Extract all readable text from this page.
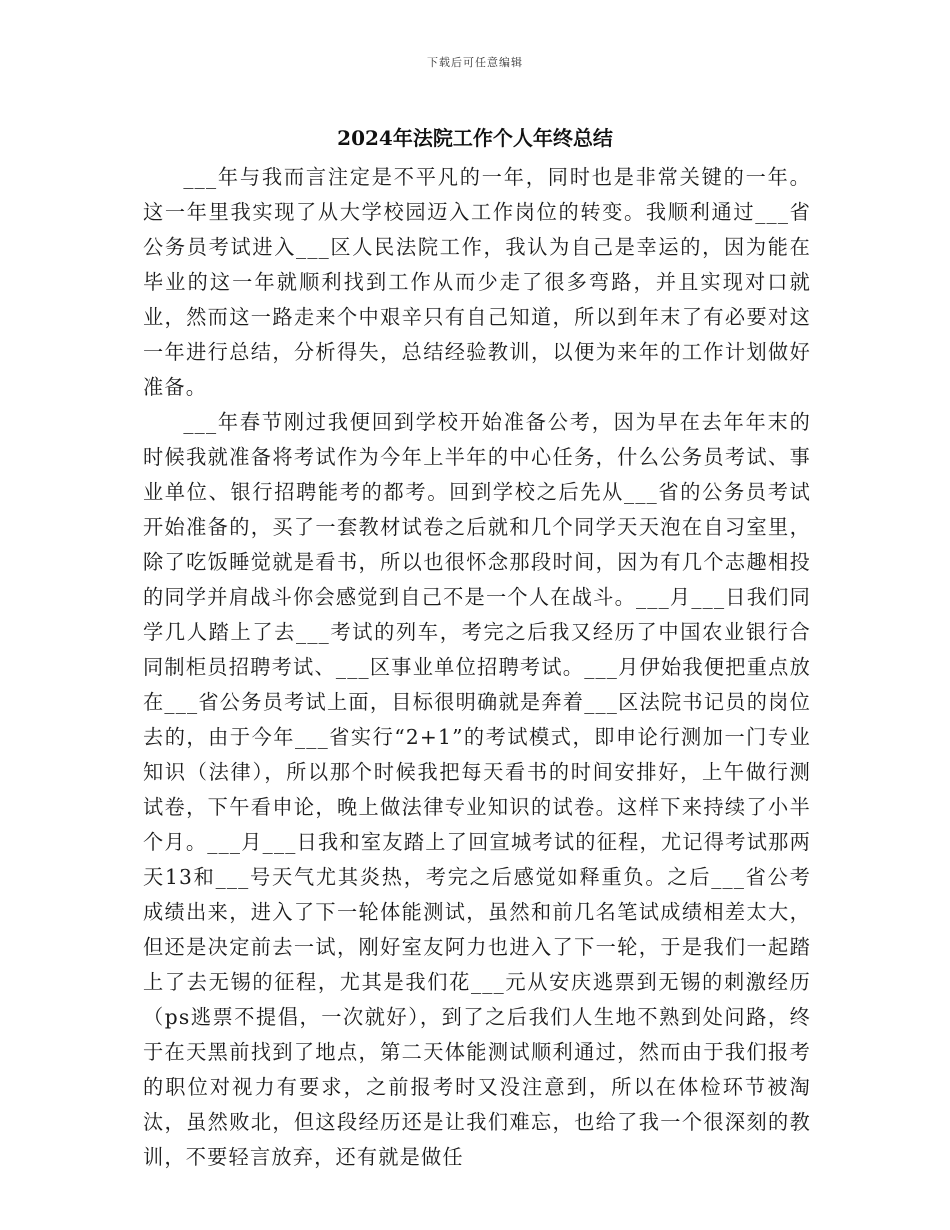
下载后可任意编辑
2024年法院工作个人年终总结

___年与我而言注定是不平凡的一年，同时也是非常关键的一年。这一年里我实现了从大学校园迈入工作岗位的转变。我顺利通过___省公务员考试进入___区人民法院工作，我认为自己是幸运的，因为能在毕业的这一年就顺利找到工作从而少走了很多弯路，并且实现对口就业，然而这一路走来个中艰辛只有自己知道，所以到年末了有必要对这一年进行总结，分析得失，总结经验教训，以便为来年的工作计划做好准备。

___年春节刚过我便回到学校开始准备公考，因为早在去年年末的时候我就准备将考试作为今年上半年的中心任务，什么公务员考试、事业单位、银行招聘能考的都考。回到学校之后先从___省的公务员考试开始准备的，买了一套教材试卷之后就和几个同学天天泡在自习室里，除了吃饭睡觉就是看书，所以也很怀念那段时间，因为有几个志趣相投的同学并肩战斗你会感觉到自己不是一个人在战斗。___月___日我们同学几人踏上了去___考试的列车，考完之后我又经历了中国农业银行合同制柜员招聘考试、___区事业单位招聘考试。___月伊始我便把重点放在___省公务员考试上面，目标很明确就是奔着___区法院书记员的岗位去的，由于今年___省实行“2+1”的考试模式，即申论行测加一门专业知识（法律），所以那个时候我把每天看书的时间安排好，上午做行测试卷，下午看申论，晚上做法律专业知识的试卷。这样下来持续了小半个月。___月___日我和室友踏上了回宣城考试的征程，尤记得考试那两天13和___号天气尤其炎热，考完之后感觉如释重负。之后___省公考成绩出来，进入了下一轮体能测试，虽然和前几名笔试成绩相差太大，但还是决定前去一试，刚好室友阿力也进入了下一轮，于是我们一起踏上了去无锡的征程，尤其是我们花___元从安庆逃票到无锡的刺激经历（ps逃票不提倡，一次就好），到了之后我们人生地不熟到处问路，终于在天黑前找到了地点，第二天体能测试顺利通过，然而由于我们报考的职位对视力有要求，之前报考时又没注意到，所以在体检环节被淘汰，虽然败北，但这段经历还是让我们难忘，也给了我一个很深刻的教训，不要轻言放弃，还有就是做任
